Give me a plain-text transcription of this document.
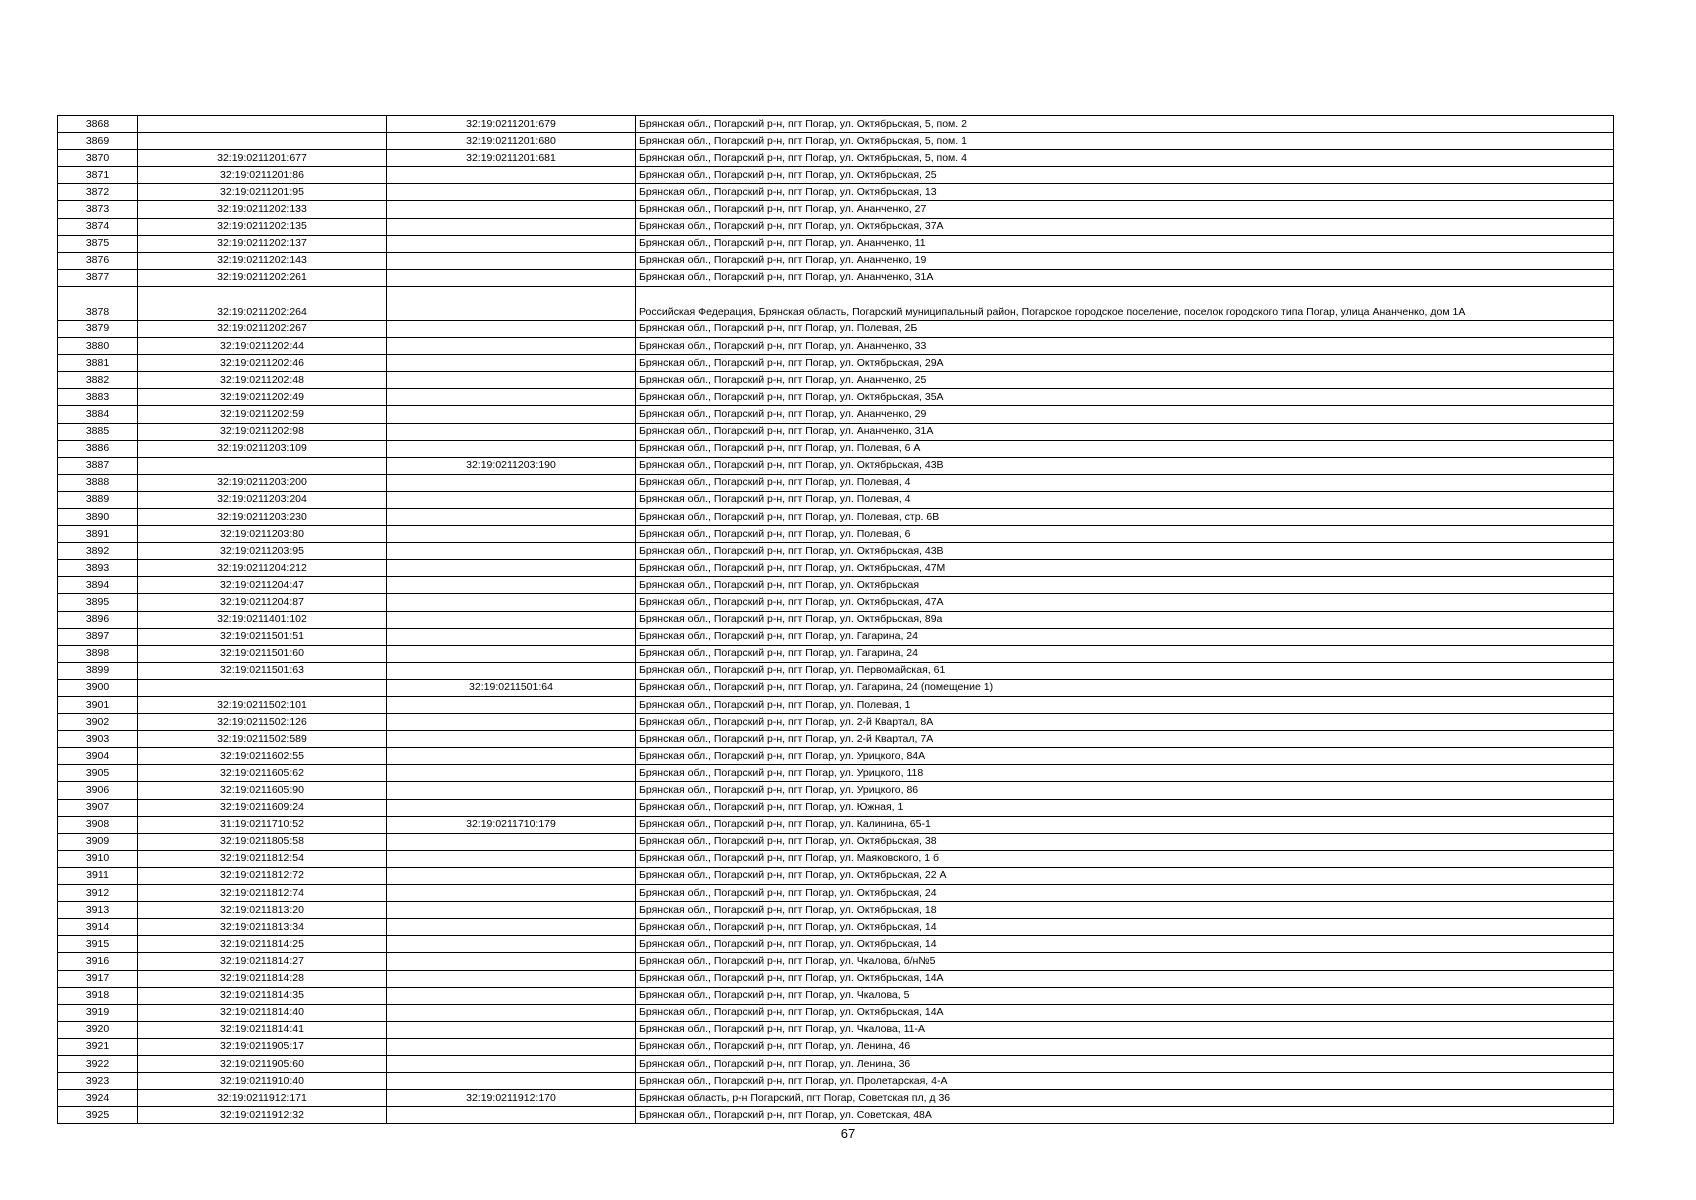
3868		32:19:0211201:679	Брянская обл., Погарский р-н, пгт Погар, ул. Октябрьская, 5, пом. 2
3869		32:19:0211201:680	Брянская обл., Погарский р-н, пгт Погар, ул. Октябрьская, 5, пом. 1
3870	32:19:0211201:677	32:19:0211201:681	Брянская обл., Погарский р-н, пгт Погар, ул. Октябрьская, 5, пом. 4
3871	32:19:0211201:86		Брянская обл., Погарский р-н, пгт Погар, ул. Октябрьская, 25
3872	32:19:0211201:95		Брянская обл., Погарский р-н, пгт Погар, ул. Октябрьская, 13
3873	32:19:0211202:133		Брянская обл., Погарский р-н, пгт Погар, ул. Ананченко, 27
3874	32:19:0211202:135		Брянская обл., Погарский р-н, пгт Погар, ул. Октябрьская, 37А
3875	32:19:0211202:137		Брянская обл., Погарский р-н, пгт Погар, ул. Ананченко, 11
3876	32:19:0211202:143		Брянская обл., Погарский р-н, пгт Погар, ул. Ананченко, 19
3877	32:19:0211202:261		Брянская обл., Погарский р-н, пгт Погар, ул. Ананченко, 31А
3878	32:19:0211202:264		Российская Федерация, Брянская область, Погарский муниципальный район, Погарское городское поселение, поселок городского типа Погар, улица Ананченко, дом 1А
3879	32:19:0211202:267		Брянская обл., Погарский р-н, пгт Погар, ул. Полевая, 2Б
3880	32:19:0211202:44		Брянская обл., Погарский р-н, пгт Погар, ул. Ананченко, 33
3881	32:19:0211202:46		Брянская обл., Погарский р-н, пгт Погар, ул. Октябрьская, 29А
3882	32:19:0211202:48		Брянская обл., Погарский р-н, пгт Погар, ул. Ананченко, 25
3883	32:19:0211202:49		Брянская обл., Погарский р-н, пгт Погар, ул. Октябрьская, 35А
3884	32:19:0211202:59		Брянская обл., Погарский р-н, пгт Погар, ул. Ананченко, 29
3885	32:19:0211202:98		Брянская обл., Погарский р-н, пгт Погар, ул. Ананченко, 31А
3886	32:19:0211203:109		Брянская обл., Погарский р-н, пгт Погар, ул. Полевая, 6 А
3887		32:19:0211203:190	Брянская обл., Погарский р-н, пгт Погар, ул. Октябрьская, 43В
3888	32:19:0211203:200		Брянская обл., Погарский р-н, пгт Погар, ул. Полевая, 4
3889	32:19:0211203:204		Брянская обл., Погарский р-н, пгт Погар, ул. Полевая, 4
3890	32:19:0211203:230		Брянская обл., Погарский р-н, пгт Погар, ул. Полевая, стр. 6В
3891	32:19:0211203:80		Брянская обл., Погарский р-н, пгт Погар, ул. Полевая, 6
3892	32:19:0211203:95		Брянская обл., Погарский р-н, пгт Погар, ул. Октябрьская, 43В
3893	32:19:0211204:212		Брянская обл., Погарский р-н, пгт Погар, ул. Октябрьская, 47М
3894	32:19:0211204:47		Брянская обл., Погарский р-н, пгт Погар, ул. Октябрьская
3895	32:19:0211204:87		Брянская обл., Погарский р-н, пгт Погар, ул. Октябрьская, 47А
3896	32:19:0211401:102		Брянская обл., Погарский р-н, пгт Погар, ул. Октябрьская, 89а
3897	32:19:0211501:51		Брянская обл., Погарский р-н, пгт Погар, ул. Гагарина, 24
3898	32:19:0211501:60		Брянская обл., Погарский р-н, пгт Погар, ул. Гагарина, 24
3899	32:19:0211501:63		Брянская обл., Погарский р-н, пгт Погар, ул. Первомайская, 61
3900		32:19:0211501:64	Брянская обл., Погарский р-н, пгт Погар, ул. Гагарина, 24 (помещение 1)
3901	32:19:0211502:101		Брянская обл., Погарский р-н, пгт Погар, ул. Полевая, 1
3902	32:19:0211502:126		Брянская обл., Погарский р-н, пгт Погар, ул. 2-й Квартал, 8А
3903	32:19:0211502:589		Брянская обл., Погарский р-н, пгт Погар, ул. 2-й Квартал, 7А
3904	32:19:0211602:55		Брянская обл., Погарский р-н, пгт Погар, ул. Урицкого, 84А
3905	32:19:0211605:62		Брянская обл., Погарский р-н, пгт Погар, ул. Урицкого, 118
3906	32:19:0211605:90		Брянская обл., Погарский р-н, пгт Погар, ул. Урицкого, 86
3907	32:19:0211609:24		Брянская обл., Погарский р-н, пгт Погар, ул. Южная, 1
3908	31:19:0211710:52	32:19:0211710:179	Брянская обл., Погарский р-н, пгт Погар, ул. Калинина, 65-1
3909	32:19:0211805:58		Брянская обл., Погарский р-н, пгт Погар, ул. Октябрьская, 38
3910	32:19:0211812:54		Брянская обл., Погарский р-н, пгт Погар, ул. Маяковского, 1 б
3911	32:19:0211812:72		Брянская обл., Погарский р-н, пгт Погар, ул. Октябрьская, 22 А
3912	32:19:0211812:74		Брянская обл., Погарский р-н, пгт Погар, ул. Октябрьская, 24
3913	32:19:0211813:20		Брянская обл., Погарский р-н, пгт Погар, ул. Октябрьская, 18
3914	32:19:0211813:34		Брянская обл., Погарский р-н, пгт Погар, ул. Октябрьская, 14
3915	32:19:0211814:25		Брянская обл., Погарский р-н, пгт Погар, ул. Октябрьская, 14
3916	32:19:0211814:27		Брянская обл., Погарский р-н, пгт Погар, ул. Чкалова, б/н№5
3917	32:19:0211814:28		Брянская обл., Погарский р-н, пгт Погар, ул. Октябрьская, 14А
3918	32:19:0211814:35		Брянская обл., Погарский р-н, пгт Погар, ул. Чкалова, 5
3919	32:19:0211814:40		Брянская обл., Погарский р-н, пгт Погар, ул. Октябрьская, 14А
3920	32:19:0211814:41		Брянская обл., Погарский р-н, пгт Погар, ул. Чкалова, 11-А
3921	32:19:0211905:17		Брянская обл., Погарский р-н, пгт Погар, ул. Ленина, 46
3922	32:19:0211905:60		Брянская обл., Погарский р-н, пгт Погар, ул. Ленина, 36
3923	32:19:0211910:40		Брянская обл., Погарский р-н, пгт Погар, ул. Пролетарская, 4-А
3924	32:19:0211912:171	32:19:0211912:170	Брянская область, р-н Погарский, пгт Погар, Советская пл, д 36
3925	32:19:0211912:32		Брянская обл., Погарский р-н, пгт Погар, ул. Советская, 48А
67
